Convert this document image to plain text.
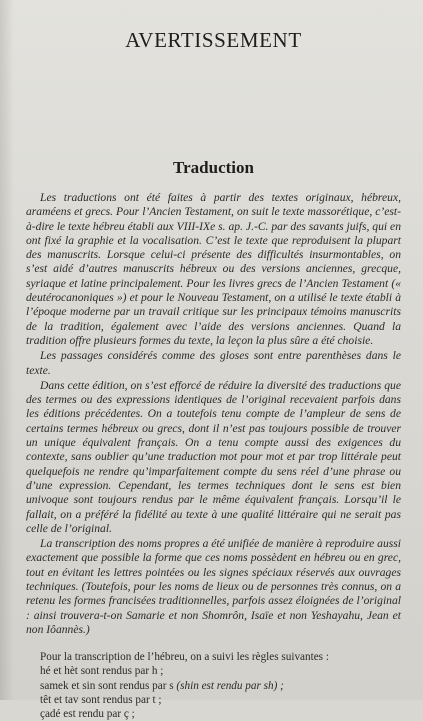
AVERTISSEMENT
Traduction

Les traductions ont été faites à partir des textes originaux, hébreux, araméens et grecs. Pour l’Ancien Testament, on suit le texte massorétique, c’est-à-dire le texte hébreu établi aux VIII-IXe s. ap. J.-C. par des savants juifs, qui en ont fixé la graphie et la vocalisation. C’est le texte que reproduisent la plupart des manuscrits. Lorsque celui-ci présente des difficultés insurmontables, on s’est aidé d’autres manuscrits hébreux ou des versions anciennes, grecque, syriaque et latine principalement. Pour les livres grecs de l’Ancien Testament (« deutérocanoniques ») et pour le Nouveau Testament, on a utilisé le texte établi à l’époque moderne par un travail critique sur les principaux témoins manuscrits de la tradition, également avec l’aide des versions anciennes. Quand la tradition offre plusieurs formes du texte, la leçon la plus sûre a été choisie.

Les passages considérés comme des gloses sont entre parenthèses dans le texte.

Dans cette édition, on s’est efforcé de réduire la diversité des traductions que des termes ou des expressions identiques de l’original recevaient parfois dans les éditions précédentes. On a toutefois tenu compte de l’ampleur de sens de certains termes hébreux ou grecs, dont il n’est pas toujours possible de trouver un unique équivalent français. On a tenu compte aussi des exigences du contexte, sans oublier qu’une traduction mot pour mot et par trop littérale peut quelquefois ne rendre qu’imparfaitement compte du sens réel d’une phrase ou d’une expression. Cependant, les termes techniques dont le sens est bien univoque sont toujours rendus par le même équivalent français. Lorsqu’il le fallait, on a préféré la fidélité au texte à une qualité littéraire qui ne serait pas celle de l’original.

La transcription des noms propres a été unifiée de manière à reproduire aussi exactement que possible la forme que ces noms possèdent en hébreu ou en grec, tout en évitant les lettres pointées ou les signes spéciaux réservés aux ouvrages techniques. (Toutefois, pour les noms de lieux ou de personnes très connus, on a retenu les formes francisées traditionnelles, parfois assez éloignées de l’original : ainsi trouvera-t-on Samarie et non Shomrôn, Isaïe et non Yeshayahu, Jean et non Iôannès.)

Pour la transcription de l’hébreu, on a suivi les règles suivantes :
hé et hèt sont rendus par h ;
samek et sin sont rendus par s (shin est rendu par sh) ;
têt et tav sont rendus par t ;
çadé est rendu par ç ;
